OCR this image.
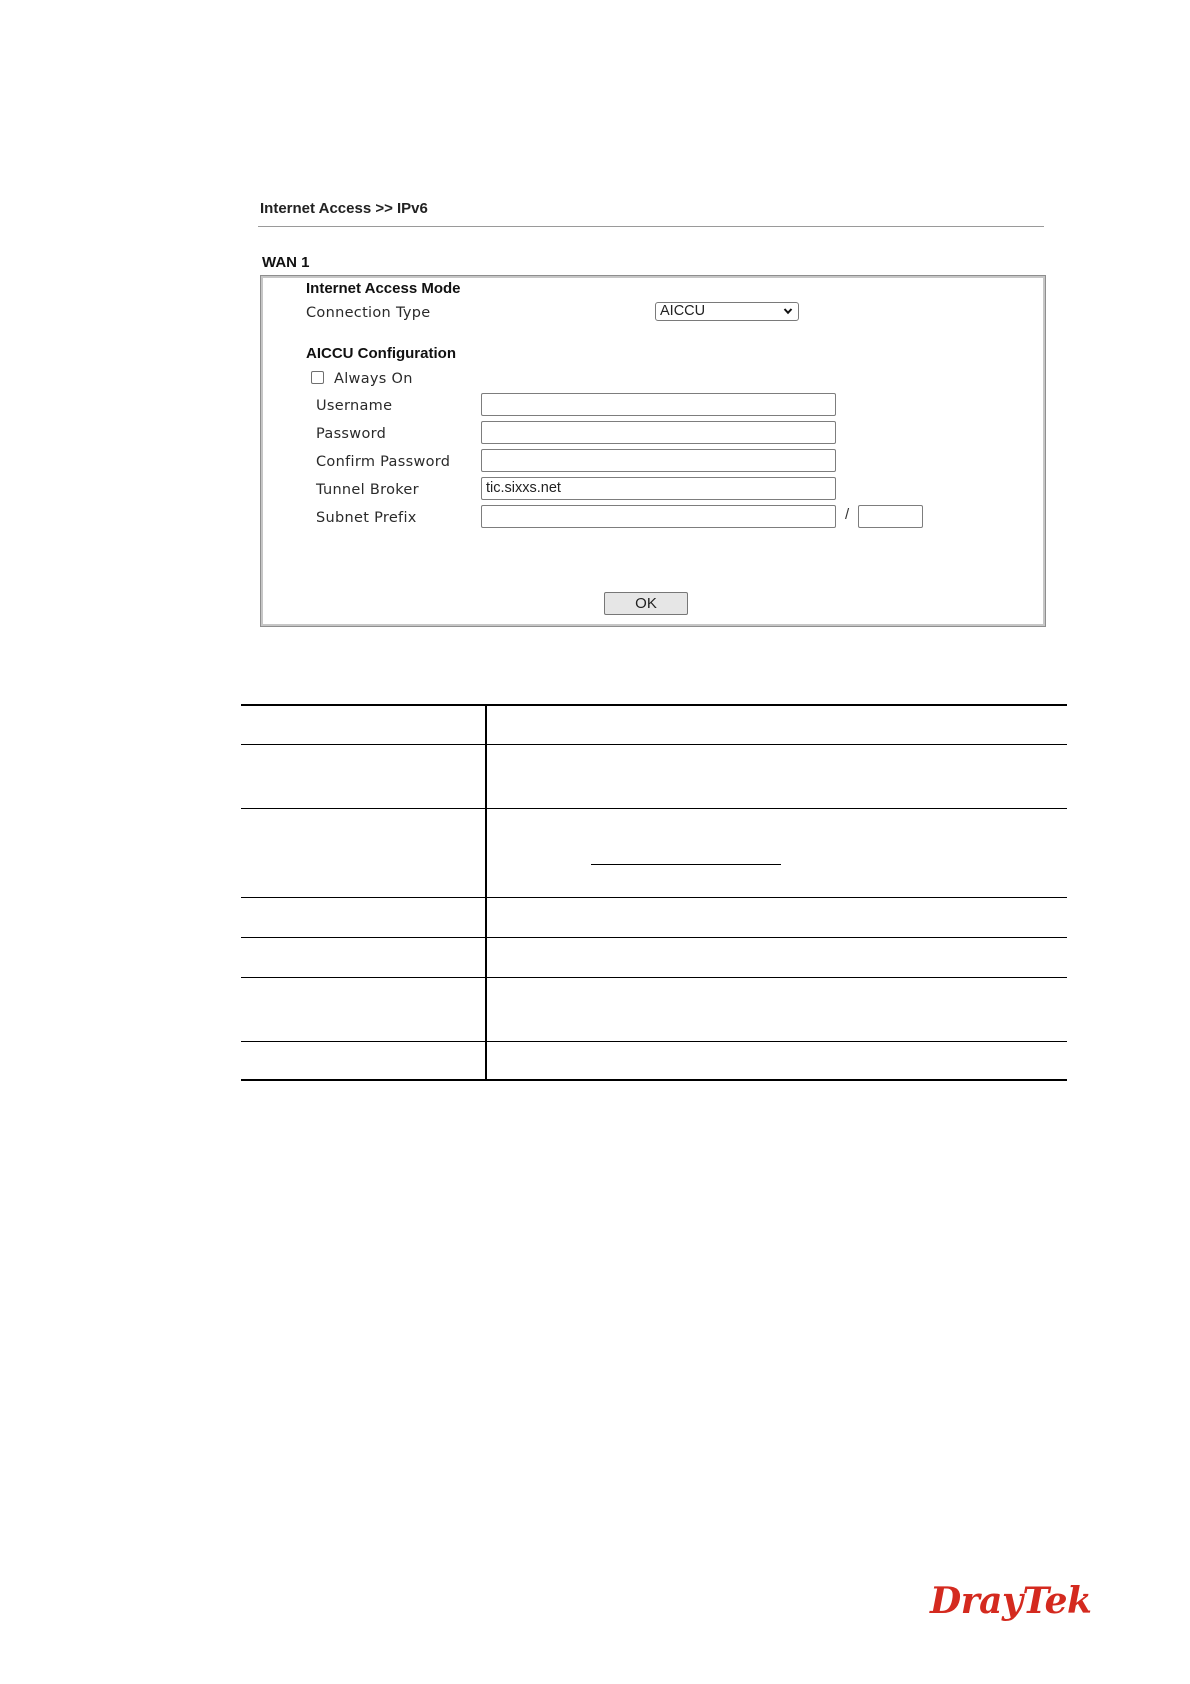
Internet Access >> IPv6
WAN 1
Internet Access Mode
Connection Type	AICCU
AICCU Configuration
Always On
Username
Password
Confirm Password
Tunnel Broker	tic.sixxs.net
Subnet Prefix	/
OK
DrayTek
